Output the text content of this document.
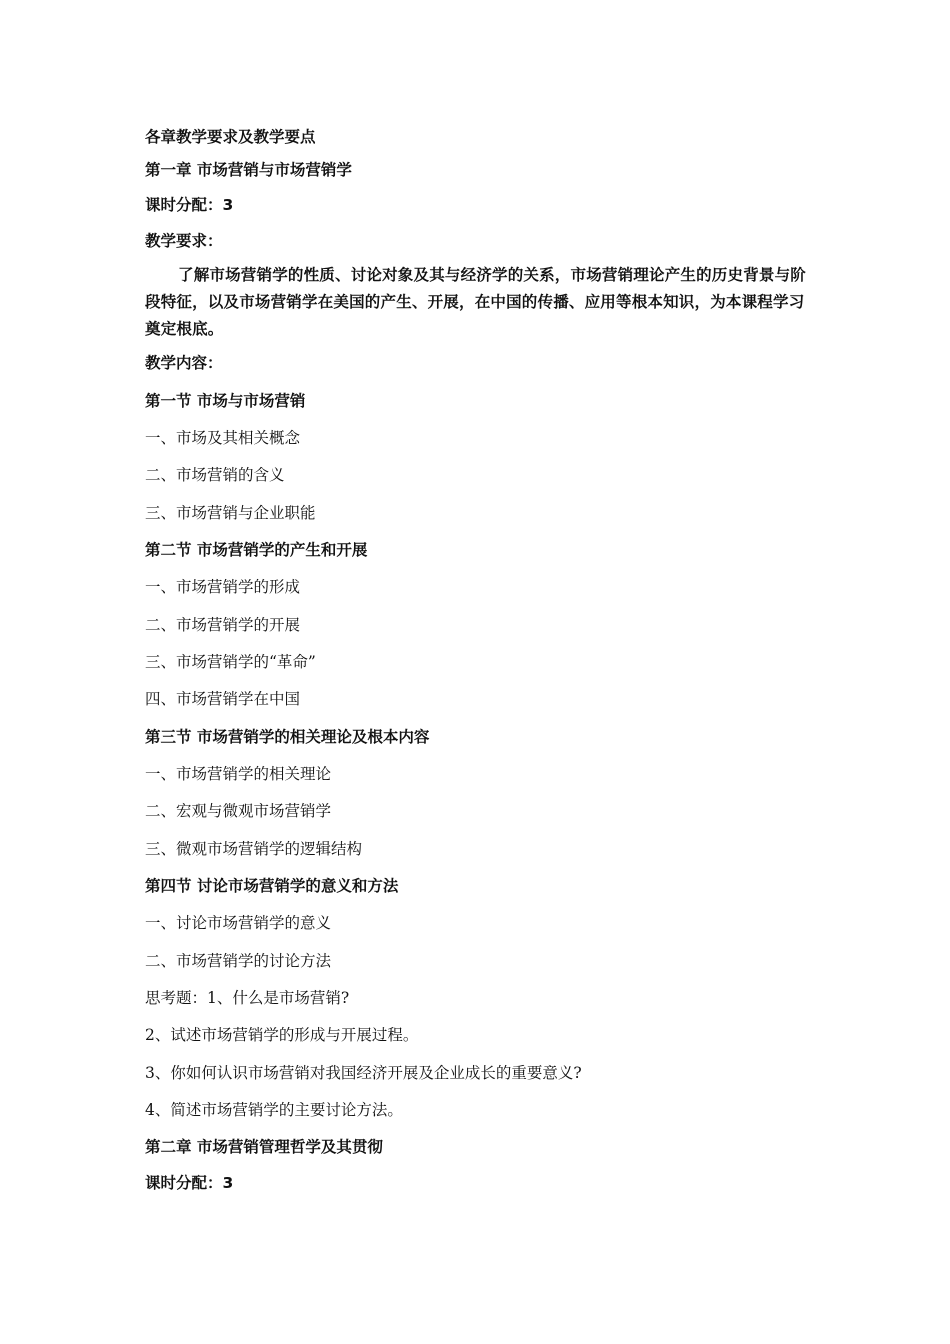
各章教学要求及教学要点
第一章 市场营销与市场营销学
课时分配：3
教学要求：
了解市场营销学的性质、讨论对象及其与经济学的关系，市场营销理论产生的历史背景与阶段特征，以及市场营销学在美国的产生、开展，在中国的传播、应用等根本知识，为本课程学习奠定根底。
教学内容：
第一节 市场与市场营销
一、市场及其相关概念
二、市场营销的含义
三、市场营销与企业职能
第二节 市场营销学的产生和开展
一、市场营销学的形成
二、市场营销学的开展
三、市场营销学的“革命”
四、市场营销学在中国
第三节 市场营销学的相关理论及根本内容
一、市场营销学的相关理论
二、宏观与微观市场营销学
三、微观市场营销学的逻辑结构
第四节 讨论市场营销学的意义和方法
一、讨论市场营销学的意义
二、市场营销学的讨论方法
思考题：1、什么是市场营销?
2、试述市场营销学的形成与开展过程。
3、你如何认识市场营销对我国经济开展及企业成长的重要意义?
4、简述市场营销学的主要讨论方法。
第二章 市场营销管理哲学及其贯彻
课时分配：3
